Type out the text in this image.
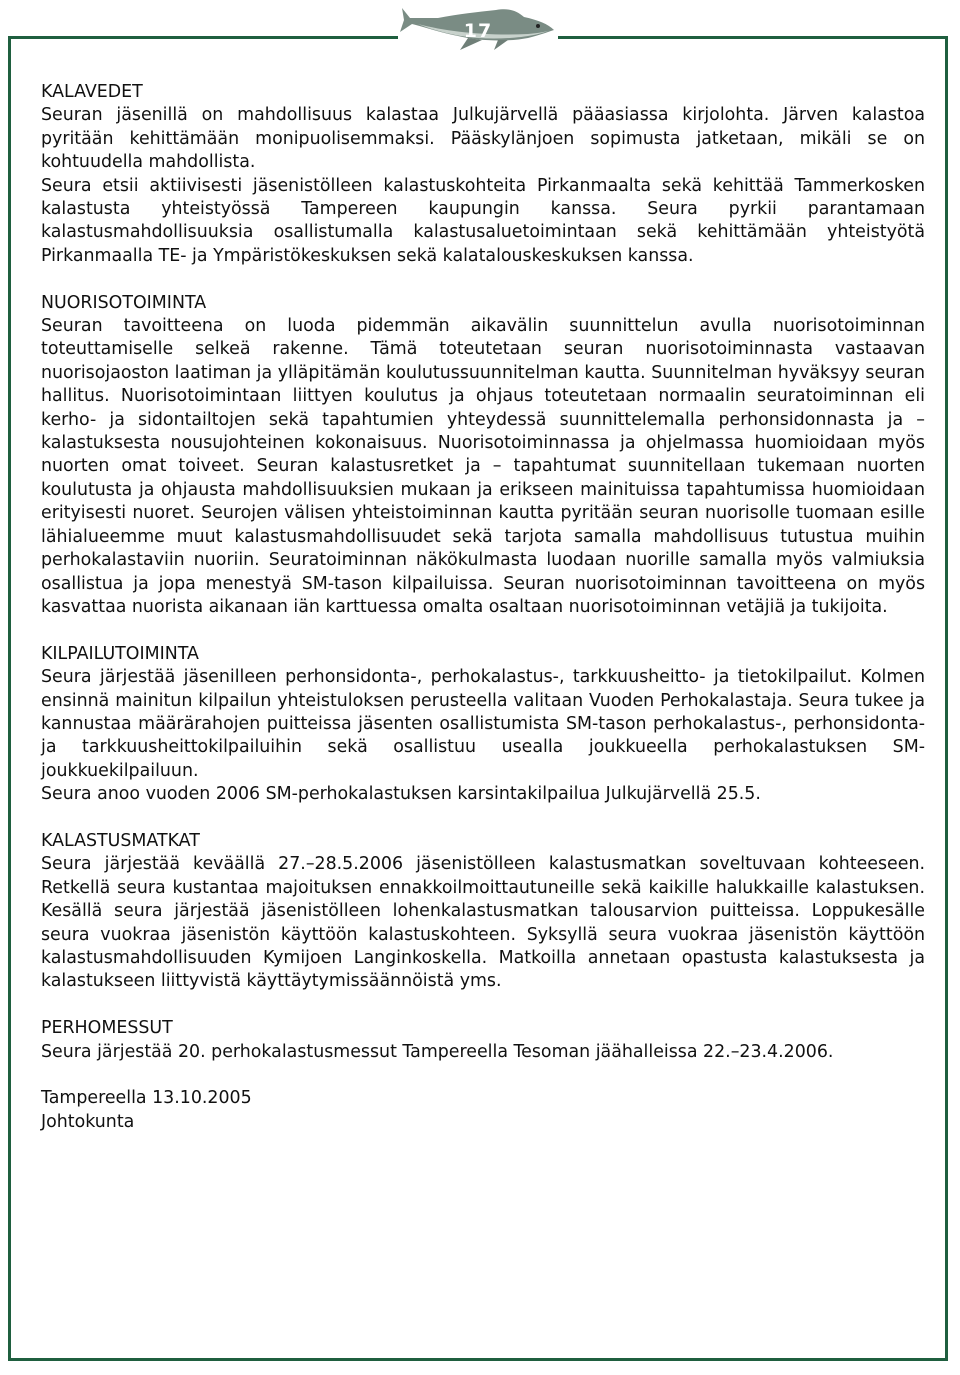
17

KALAVEDET

Seuran jäsenillä on mahdollisuus kalastaa Julkujärvellä pääasiassa kirjolohta. Järven kalastoa pyritään kehittämään monipuolisemmaksi. Pääskylänjoen sopimusta jatketaan, mikäli se on kohtuudella mahdollista.

Seura etsii aktiivisesti jäsenistölleen kalastuskohteita Pirkanmaalta sekä kehittää Tammerkosken kalastusta yhteistyössä Tampereen kaupungin kanssa. Seura pyrkii parantamaan kalastusmahdollisuuksia osallistumalla kalastusaluetoimintaan sekä kehittämään yhteistyötä Pirkanmaalla TE- ja Ympäristökeskuksen sekä kalatalouskeskuksen kanssa.

NUORISOTOIMINTA

Seuran tavoitteena on luoda pidemmän aikavälin suunnittelun avulla nuorisotoiminnan toteuttamiselle selkeä rakenne. Tämä toteutetaan seuran nuorisotoiminnasta vastaavan nuorisojaoston laatiman ja ylläpitämän koulutussuunnitelman kautta. Suunnitelman hyväksyy seuran hallitus. Nuorisotoimintaan liittyen koulutus ja ohjaus toteutetaan normaalin seuratoiminnan eli kerho- ja sidontailtojen sekä tapahtumien yhteydessä suunnittelemalla perhonsidonnasta ja – kalastuksesta nousujohteinen kokonaisuus. Nuorisotoiminnassa ja ohjelmassa huomioidaan myös nuorten omat toiveet. Seuran kalastusretket ja – tapahtumat suunnitellaan tukemaan nuorten koulutusta ja ohjausta mahdollisuuksien mukaan ja erikseen mainituissa tapahtumissa huomioidaan erityisesti nuoret. Seurojen välisen yhteistoiminnan kautta pyritään seuran nuorisolle tuomaan esille lähialueemme muut kalastusmahdollisuudet sekä tarjota samalla mahdollisuus tutustua muihin perhokalastaviin nuoriin. Seuratoiminnan näkökulmasta luodaan nuorille samalla myös valmiuksia osallistua ja jopa menestyä SM-tason kilpailuissa. Seuran nuorisotoiminnan tavoitteena on myös kasvattaa nuorista aikanaan iän karttuessa omalta osaltaan nuorisotoiminnan vetäjiä ja tukijoita.

KILPAILUTOIMINTA

Seura järjestää jäsenilleen perhonsidonta-, perhokalastus-, tarkkuusheitto- ja tietokilpailut. Kolmen ensinnä mainitun kilpailun yhteistuloksen perusteella valitaan Vuoden Perhokalastaja. Seura tukee ja kannustaa määrärahojen puitteissa jäsenten osallistumista SM-tason perhokalastus-, perhonsidonta- ja tarkkuusheittokilpailuihin sekä osallistuu usealla joukkueella perhokalastuksen SM-joukkuekilpailuun.

Seura anoo vuoden 2006 SM-perhokalastuksen karsintakilpailua Julkujärvellä 25.5.

KALASTUSMATKAT

Seura järjestää keväällä 27.–28.5.2006 jäsenistölleen kalastusmatkan soveltuvaan kohteeseen. Retkellä seura kustantaa majoituksen ennakkoilmoittautuneille sekä kaikille halukkaille kalastuksen. Kesällä seura järjestää jäsenistölleen lohenkalastusmatkan talousarvion puitteissa. Loppukesälle seura vuokraa jäsenistön käyttöön kalastuskohteen. Syksyllä seura vuokraa jäsenistön käyttöön kalastusmahdollisuuden Kymijoen Langinkoskella. Matkoilla annetaan opastusta kalastuksesta ja kalastukseen liittyvistä käyttäytymissäännöistä yms.

PERHOMESSUT

Seura järjestää 20. perhokalastusmessut Tampereella Tesoman jäähalleissa 22.–23.4.2006.

Tampereella 13.10.2005

Johtokunta
